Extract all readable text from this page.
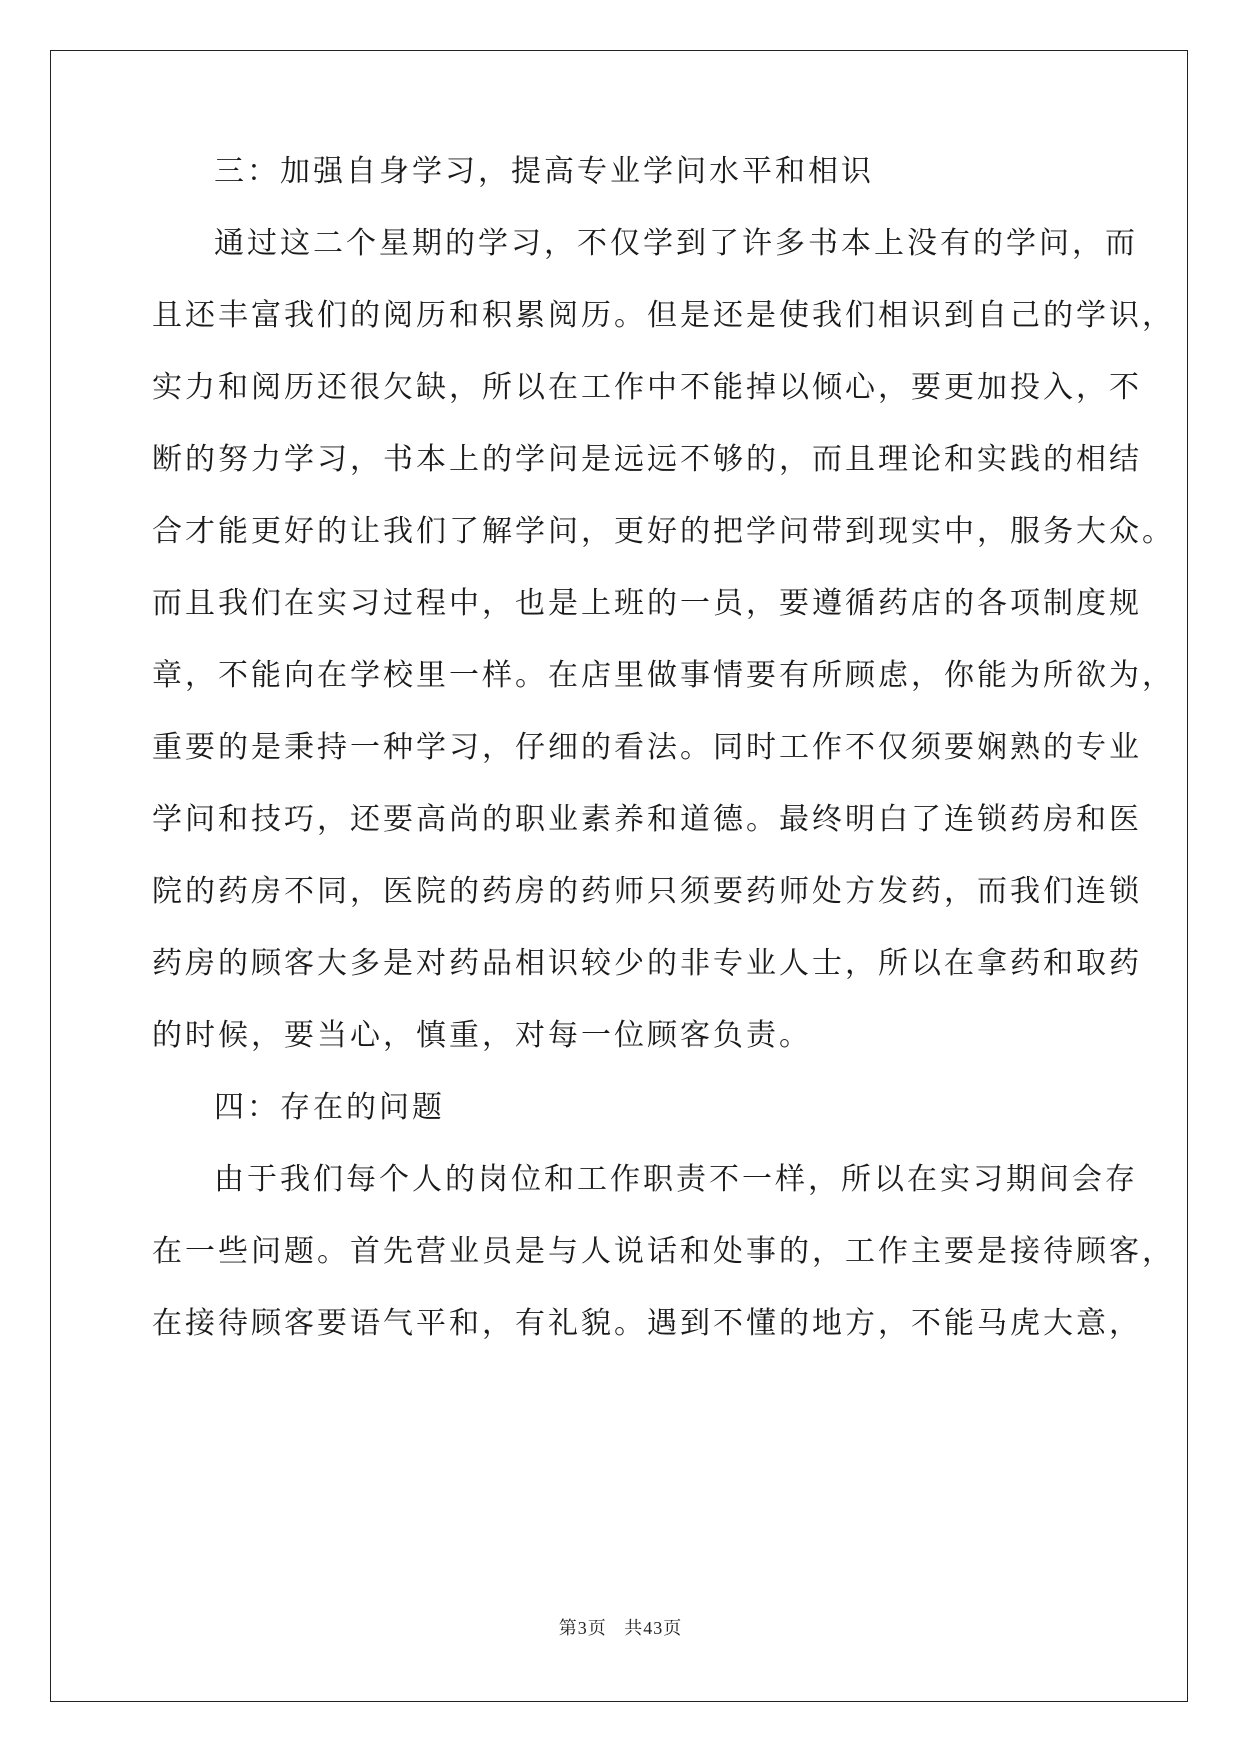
三：加强自身学习，提高专业学问水平和相识
通过这二个星期的学习，不仅学到了许多书本上没有的学问，而
且还丰富我们的阅历和积累阅历。但是还是使我们相识到自己的学识，
实力和阅历还很欠缺，所以在工作中不能掉以倾心，要更加投入，不
断的努力学习，书本上的学问是远远不够的，而且理论和实践的相结
合才能更好的让我们了解学问，更好的把学问带到现实中，服务大众。
而且我们在实习过程中，也是上班的一员，要遵循药店的各项制度规
章，不能向在学校里一样。在店里做事情要有所顾虑，你能为所欲为，
重要的是秉持一种学习，仔细的看法。同时工作不仅须要娴熟的专业
学问和技巧，还要高尚的职业素养和道德。最终明白了连锁药房和医
院的药房不同，医院的药房的药师只须要药师处方发药，而我们连锁
药房的顾客大多是对药品相识较少的非专业人士，所以在拿药和取药
的时候，要当心，慎重，对每一位顾客负责。
四：存在的问题
由于我们每个人的岗位和工作职责不一样，所以在实习期间会存
在一些问题。首先营业员是与人说话和处事的，工作主要是接待顾客，
在接待顾客要语气平和，有礼貌。遇到不懂的地方，不能马虎大意，
第3页 共43页
